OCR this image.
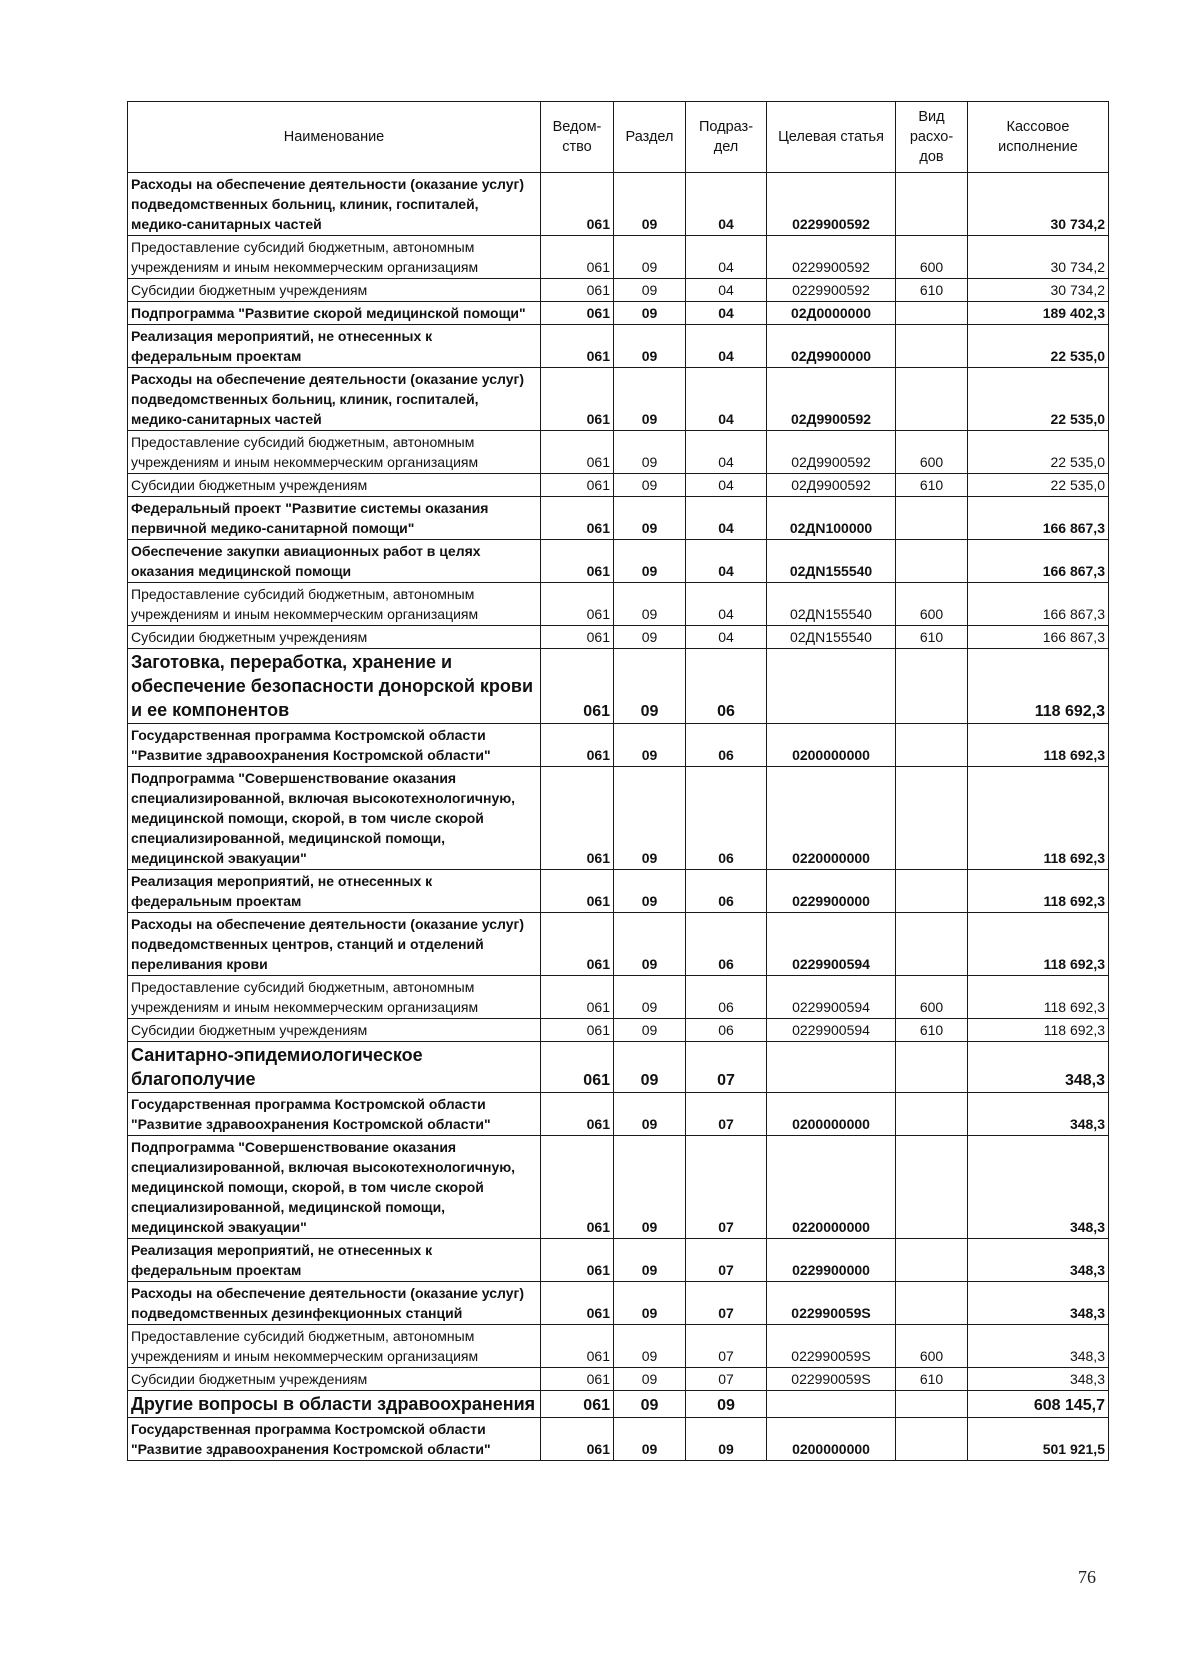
Наименование	Ведом-ство	Раздел	Подраз-дел	Целевая статья	Вид расхо-дов	Кассовое исполнение
Расходы на обеспечение деятельности (оказание услуг) подведомственных больниц, клиник, госпиталей, медико-санитарных частей	061	09	04	0229900592		30 734,2
Предоставление субсидий бюджетным, автономным учреждениям и иным некоммерческим организациям	061	09	04	0229900592	600	30 734,2
Субсидии бюджетным учреждениям	061	09	04	0229900592	610	30 734,2
Подпрограмма "Развитие скорой медицинской помощи"	061	09	04	02Д0000000		189 402,3
Реализация мероприятий, не отнесенных к федеральным проектам	061	09	04	02Д9900000		22 535,0
Расходы на обеспечение деятельности (оказание услуг) подведомственных больниц, клиник, госпиталей, медико-санитарных частей	061	09	04	02Д9900592		22 535,0
Предоставление субсидий бюджетным, автономным учреждениям и иным некоммерческим организациям	061	09	04	02Д9900592	600	22 535,0
Субсидии бюджетным учреждениям	061	09	04	02Д9900592	610	22 535,0
Федеральный проект "Развитие системы оказания первичной медико-санитарной помощи"	061	09	04	02ДN100000		166 867,3
Обеспечение закупки авиационных работ в целях оказания медицинской помощи	061	09	04	02ДN155540		166 867,3
Предоставление субсидий бюджетным, автономным учреждениям и иным некоммерческим организациям	061	09	04	02ДN155540	600	166 867,3
Субсидии бюджетным учреждениям	061	09	04	02ДN155540	610	166 867,3
Заготовка, переработка, хранение и обеспечение безопасности донорской крови и ее компонентов	061	09	06			118 692,3
Государственная программа Костромской области "Развитие здравоохранения Костромской области"	061	09	06	0200000000		118 692,3
Подпрограмма "Совершенствование оказания специализированной, включая высокотехнологичную, медицинской помощи, скорой, в том числе скорой специализированной, медицинской помощи, медицинской эвакуации"	061	09	06	0220000000		118 692,3
Реализация мероприятий, не отнесенных к федеральным проектам	061	09	06	0229900000		118 692,3
Расходы на обеспечение деятельности (оказание услуг) подведомственных центров, станций и отделений переливания крови	061	09	06	0229900594		118 692,3
Предоставление субсидий бюджетным, автономным учреждениям и иным некоммерческим организациям	061	09	06	0229900594	600	118 692,3
Субсидии бюджетным учреждениям	061	09	06	0229900594	610	118 692,3
Санитарно-эпидемиологическое благополучие	061	09	07			348,3
Государственная программа Костромской области "Развитие здравоохранения Костромской области"	061	09	07	0200000000		348,3
Подпрограмма "Совершенствование оказания специализированной, включая высокотехнологичную, медицинской помощи, скорой, в том числе скорой специализированной, медицинской помощи, медицинской эвакуации"	061	09	07	0220000000		348,3
Реализация мероприятий, не отнесенных к федеральным проектам	061	09	07	0229900000		348,3
Расходы на обеспечение деятельности (оказание услуг) подведомственных дезинфекционных станций	061	09	07	022990059S		348,3
Предоставление субсидий бюджетным, автономным учреждениям и иным некоммерческим организациям	061	09	07	022990059S	600	348,3
Субсидии бюджетным учреждениям	061	09	07	022990059S	610	348,3
Другие вопросы в области здравоохранения	061	09	09			608 145,7
Государственная программа Костромской области "Развитие здравоохранения Костромской области"	061	09	09	0200000000		501 921,5
76
